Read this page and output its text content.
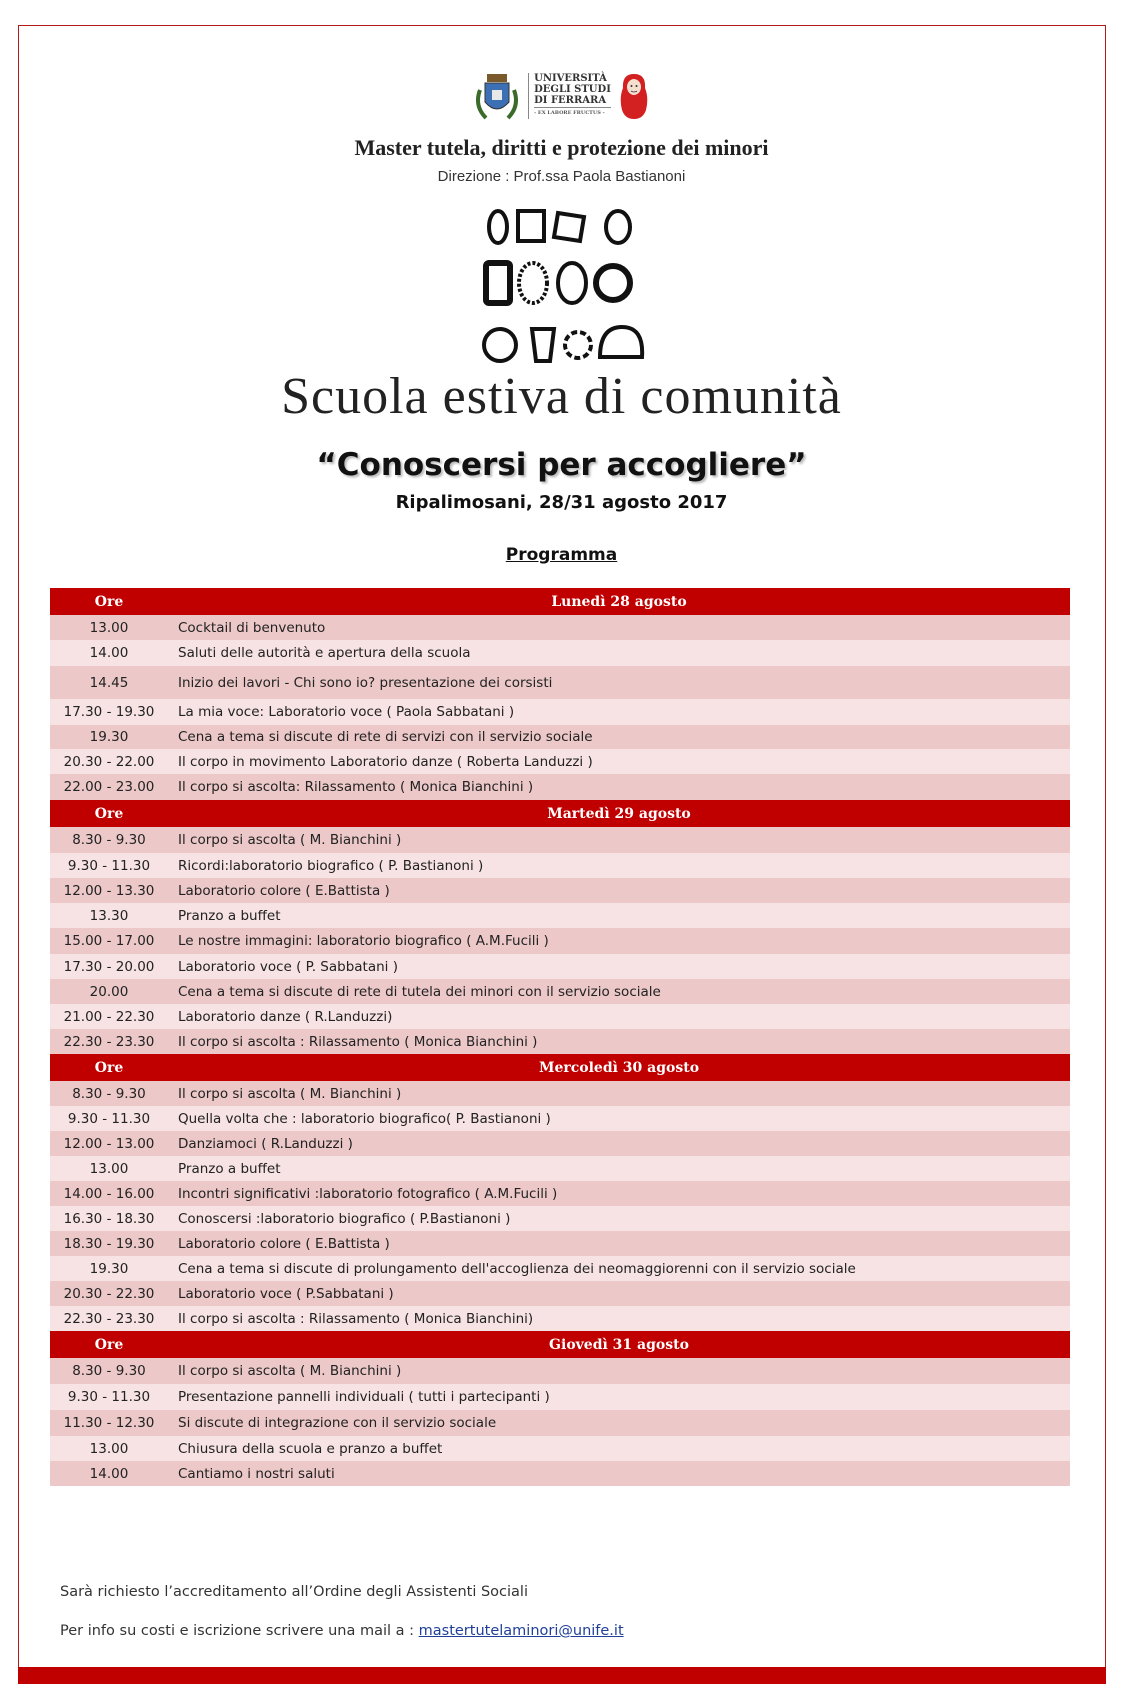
UNIVERSITÀ
DEGLI STUDI
DI FERRARA
- EX LABORE FRUCTUS -
Master tutela, diritti e protezione dei minori
Direzione : Prof.ssa Paola Bastianoni
Scuola estiva di comunità
“Conoscersi per accogliere”
Ripalimosani, 28/31 agosto 2017
Programma
Ore	Lunedì 28 agosto
13.00	Cocktail di benvenuto
14.00	Saluti delle autorità e apertura della scuola
14.45	Inizio dei lavori - Chi sono io? presentazione dei corsisti
17.30 - 19.30	La mia voce: Laboratorio voce ( Paola Sabbatani )
19.30	Cena a tema si discute di rete di servizi con il servizio sociale
20.30 - 22.00	Il corpo in movimento Laboratorio danze ( Roberta Landuzzi )
22.00 - 23.00	Il corpo si ascolta: Rilassamento ( Monica Bianchini )
Ore	Martedì 29 agosto
8.30 - 9.30	Il corpo si ascolta ( M. Bianchini )
9.30 - 11.30	Ricordi:laboratorio biografico ( P. Bastianoni )
12.00 - 13.30	Laboratorio colore ( E.Battista )
13.30	Pranzo a buffet
15.00 - 17.00	Le nostre immagini: laboratorio biografico ( A.M.Fucili )
17.30 - 20.00	Laboratorio voce ( P. Sabbatani )
20.00	Cena a tema si discute di rete di tutela dei minori con il servizio sociale
21.00 - 22.30	Laboratorio danze ( R.Landuzzi)
22.30 - 23.30	Il corpo si ascolta : Rilassamento ( Monica Bianchini )
Ore	Mercoledì 30 agosto
8.30 - 9.30	Il corpo si ascolta ( M. Bianchini )
9.30 - 11.30	Quella volta che : laboratorio biografico( P. Bastianoni )
12.00 - 13.00	Danziamoci ( R.Landuzzi )
13.00	Pranzo a buffet
14.00 - 16.00	Incontri significativi :laboratorio fotografico ( A.M.Fucili )
16.30 - 18.30	Conoscersi :laboratorio biografico ( P.Bastianoni )
18.30 - 19.30	Laboratorio colore ( E.Battista )
19.30	Cena a tema si discute di prolungamento dell'accoglienza dei neomaggiorenni con il servizio sociale
20.30 - 22.30	Laboratorio voce ( P.Sabbatani )
22.30 - 23.30	Il corpo si ascolta : Rilassamento ( Monica Bianchini)
Ore	Giovedì 31 agosto
8.30 - 9.30	Il corpo si ascolta ( M. Bianchini )
9.30 - 11.30	Presentazione pannelli individuali ( tutti i partecipanti )
11.30 - 12.30	Si discute di integrazione con il servizio sociale
13.00	Chiusura della scuola e pranzo a buffet
14.00	Cantiamo i nostri saluti
Sarà richiesto l’accreditamento all’Ordine degli Assistenti Sociali
Per info su costi e iscrizione scrivere una mail a : mastertutelaminori@unife.it
